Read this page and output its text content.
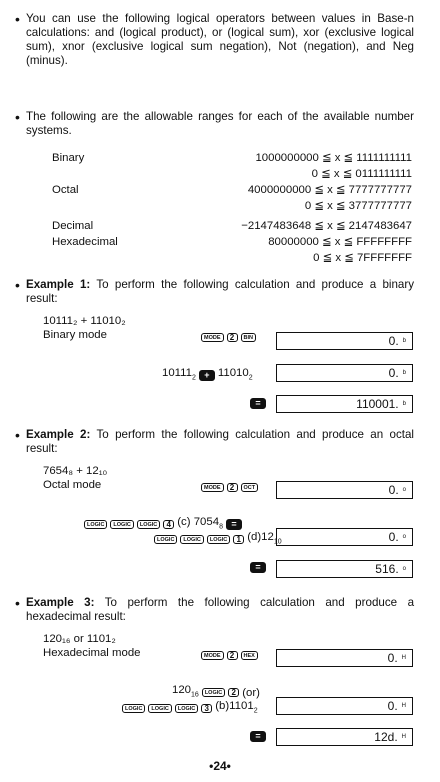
• You can use the following logical operators between values in Base-n calculations: and (logical product), or (logical sum), xor (exclusive logical sum), xnor (exclusive logical sum negation), Not (negation), and Neg (minus).
• The following are the allowable ranges for each of the available number systems.
Binary	1000000000 ≦ x ≦ 1111111111
0 ≦ x ≦ 0111111111
Octal	4000000000 ≦ x ≦ 7777777777
0 ≦ x ≦ 3777777777
Decimal	−2147483648 ≦ x ≦ 2147483647
Hexadecimal	80000000 ≦ x ≦ FFFFFFFF
0 ≦ x ≦ 7FFFFFFF
• Example 1: To perform the following calculation and produce a binary result:
10111₂ + 11010₂
Binary mode	MODE	2	BIN	0. $^b$
$10111_2 + 11010_2$	0. $^b$
=	110001. $^b$
• Example 2: To perform the following calculation and produce an octal result:
7654₈ + 12₁₀
Octal mode	MODE	2	OCT	0. $^o$
LOGIC	LOGIC	LOGIC	4 (c) $7054_8$ =
LOGIC	LOGIC	LOGIC	1 $(d)12_{10}$	0. $^o$
=	516. $^o$
• Example 3: To perform the following calculation and produce a hexadecimal result:
120₁₆ or 1101₂
Hexadecimal mode	MODE	2	HEX	0. $^H$
$120_{16}$	LOGIC	2 (or)
LOGIC	LOGIC	LOGIC	3 $(b)1101_2$	0. $^H$
=	12d. $^H$
•24•
